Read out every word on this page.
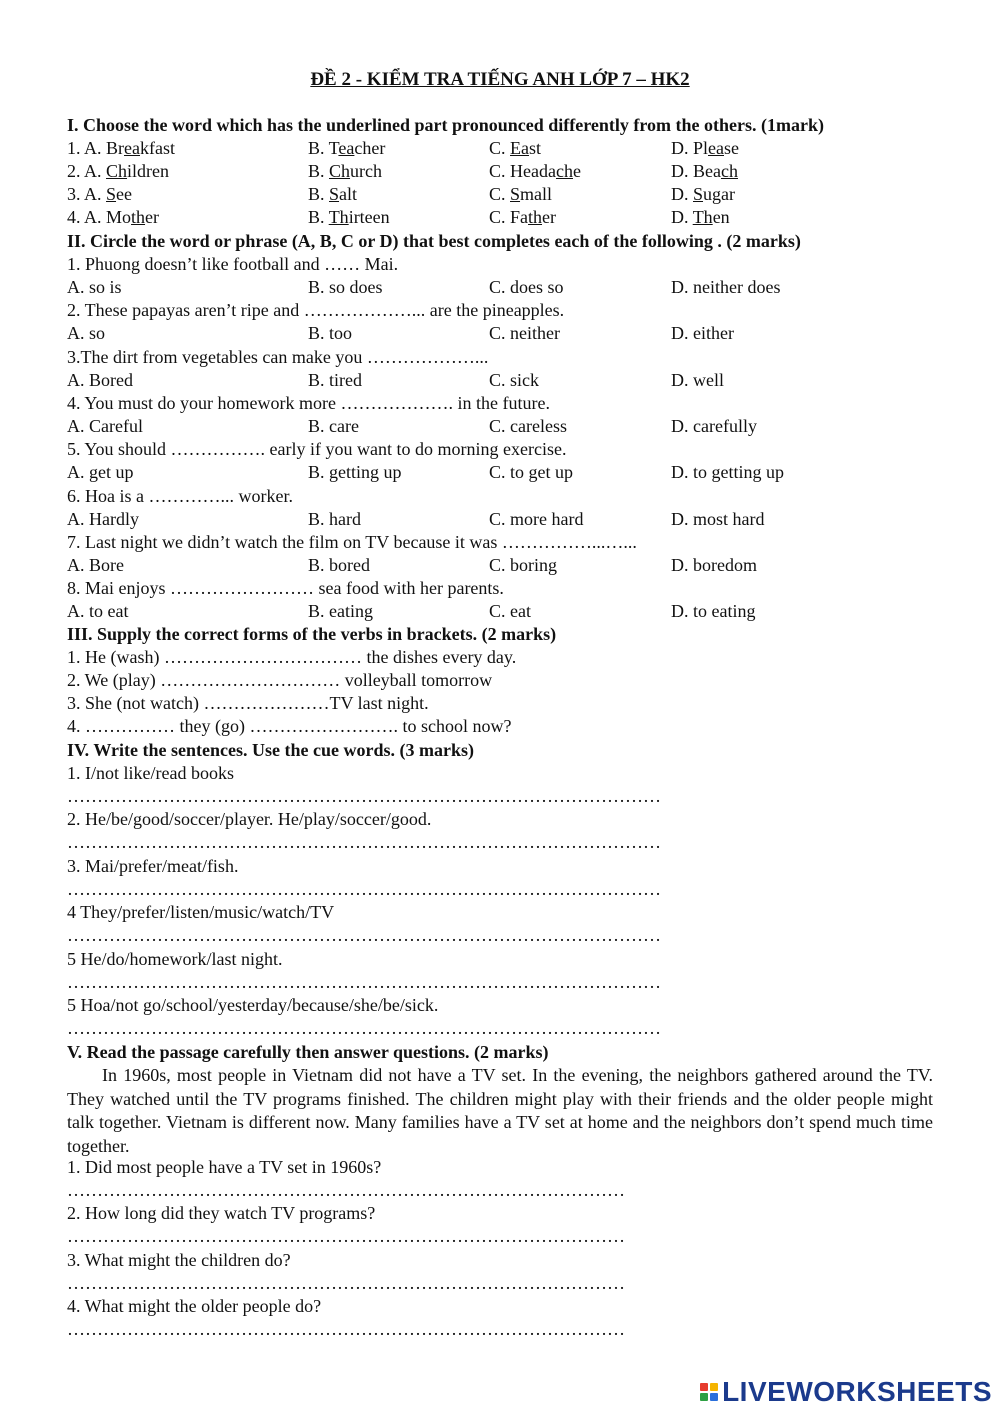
ĐỀ 2 - KIỂM TRA TIẾNG ANH LỚP 7 – HK2
I. Choose the word which has the underlined part pronounced differently from the others. (1mark)
1. A. Breakfast	B. Teacher	C. East	D. Please
2. A. Children	B. Church	C. Headache	D. Beach
3. A. See	B. Salt	C. Small	D. Sugar
4. A. Mother	B. Thirteen	C. Father	D. Then
II. Circle the word or phrase (A, B, C or D) that best completes each of the following . (2 marks)
1. Phuong doesn’t like football and …… Mai.
A. so is	B. so does	C. does so	D. neither does
2. These papayas aren’t ripe and ………………... are the pineapples.
A. so	B. too	C. neither	D. either
3.The dirt from vegetables can make you ………………...
A. Bored	B. tired	C. sick	D. well
4. You must do your homework more ………………. in the future.
A. Careful	B. care	C. careless	D. carefully
5. You should ……………. early if you want to do morning exercise.
A. get up	B. getting up	C. to get up	D. to getting up
6. Hoa is a …………... worker.
A. Hardly	B. hard	C. more hard	D. most hard
7. Last night we didn’t watch the film on TV because it was ……………...…...
A. Bore	B. bored	C. boring	D. boredom
8. Mai enjoys …………………… sea food with her parents.
A. to eat	B. eating	C. eat	D. to eating
III. Supply the correct forms of the verbs in brackets. (2 marks)
1. He (wash) …………………………… the dishes every day.
2. We (play) ………………………… volleyball tomorrow
3. She (not watch) …………………TV last night.
4. …………… they (go) ……………………. to school now?
IV. Write the sentences. Use the cue words. (3 marks)
1. I/not like/read books
………………………………………………………………………………………
2. He/be/good/soccer/player. He/play/soccer/good.
………………………………………………………………………………………
3. Mai/prefer/meat/fish.
………………………………………………………………………………………
4 They/prefer/listen/music/watch/TV
………………………………………………………………………………………
5 He/do/homework/last night.
………………………………………………………………………………………
5 Hoa/not go/school/yesterday/because/she/be/sick.
………………………………………………………………………………………
V. Read the passage carefully then answer questions. (2 marks)
In 1960s, most people in Vietnam did not have a TV set. In the evening, the neighbors gathered around the TV. They watched until the TV programs finished. The children might play with their friends and the older people might talk together. Vietnam is different now. Many families have a TV set at home and the neighbors don’t spend much time together.
1. Did most people have a TV set in 1960s?
…………………………………………………………………………………
2. How long did they watch TV programs?
…………………………………………………………………………………
3. What might the children do?
…………………………………………………………………………………
4. What might the older people do?
…………………………………………………………………………………
LIVEWORKSHEETS
